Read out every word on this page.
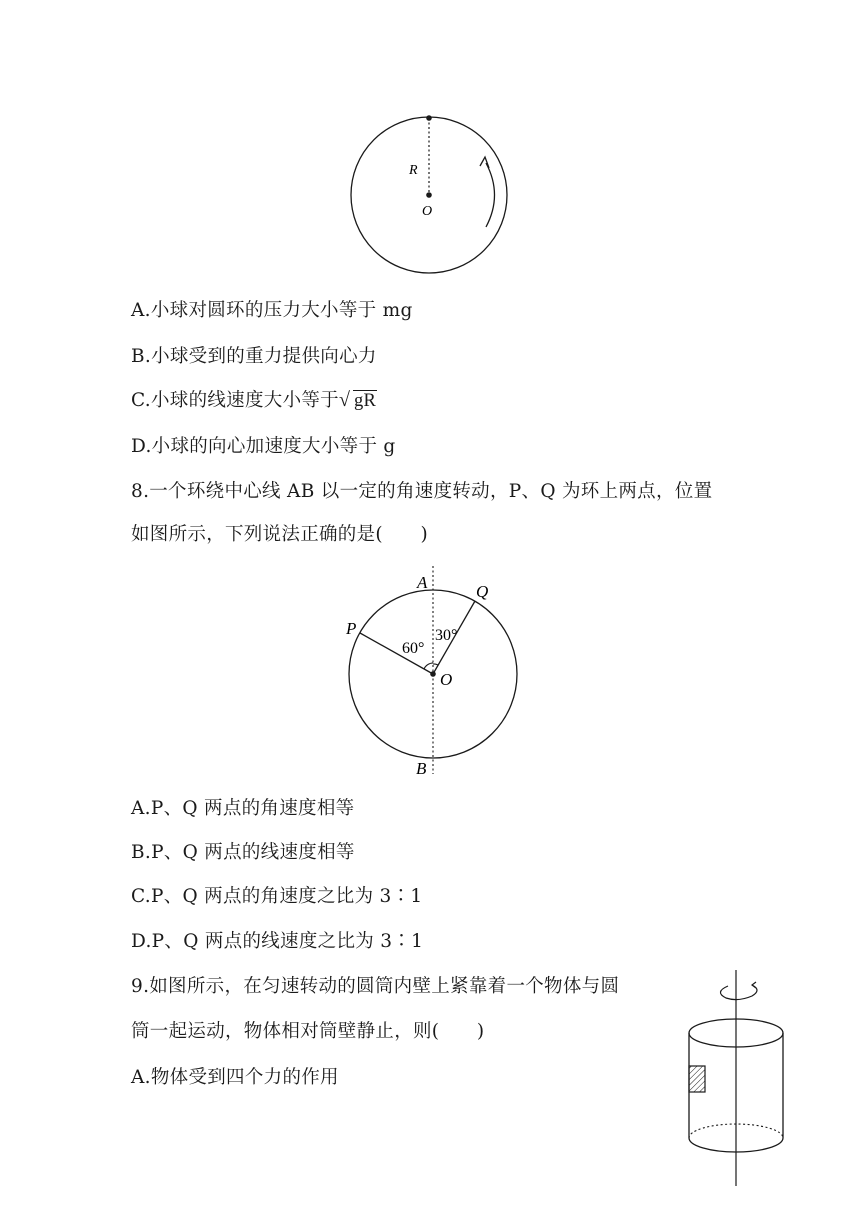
R
O
A.小球对圆环的压力大小等于 mg
B.小球受到的重力提供向心力
C.小球的线速度大小等于 √ gR
D.小球的向心加速度大小等于 g
8.一个环绕中心线 AB 以一定的角速度转动，P、Q 为环上两点，位置
如图所示，下列说法正确的是(　　)
A	Q
P
60°
30°
O
B
A.P、Q 两点的角速度相等
B.P、Q 两点的线速度相等
C.P、Q 两点的角速度之比为 3∶1
D.P、Q 两点的线速度之比为 3∶1
9.如图所示，在匀速转动的圆筒内壁上紧靠着一个物体与圆
筒一起运动，物体相对筒壁静止，则(　　)
A.物体受到四个力的作用
